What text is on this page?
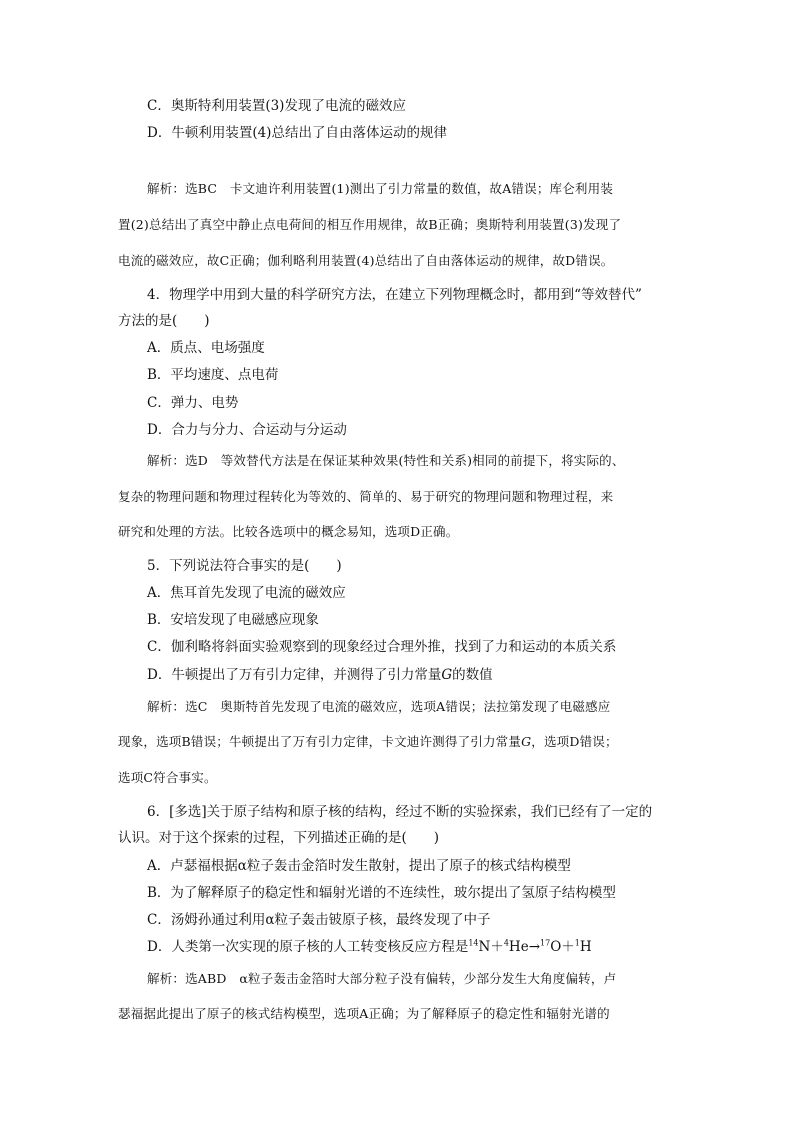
C．奥斯特利用装置(3)发现了电流的磁效应
D．牛顿利用装置(4)总结出了自由落体运动的规律
解析：选BC　卡文迪许利用装置(1)测出了引力常量的数值，故A错误；库仑利用装
置(2)总结出了真空中静止点电荷间的相互作用规律，故B正确；奥斯特利用装置(3)发现了
电流的磁效应，故C正确；伽利略利用装置(4)总结出了自由落体运动的规律，故D错误。
4．物理学中用到大量的科学研究方法，在建立下列物理概念时，都用到“等效替代”
方法的是(　　)
A．质点、电场强度
B．平均速度、点电荷
C．弹力、电势
D．合力与分力、合运动与分运动
解析：选D　等效替代方法是在保证某种效果(特性和关系)相同的前提下，将实际的、
复杂的物理问题和物理过程转化为等效的、简单的、易于研究的物理问题和物理过程，来
研究和处理的方法。比较各选项中的概念易知，选项D正确。
5．下列说法符合事实的是(　　)
A．焦耳首先发现了电流的磁效应
B．安培发现了电磁感应现象
C．伽利略将斜面实验观察到的现象经过合理外推，找到了力和运动的本质关系
D．牛顿提出了万有引力定律，并测得了引力常量G的数值
解析：选C　奥斯特首先发现了电流的磁效应，选项A错误；法拉第发现了电磁感应
现象，选项B错误；牛顿提出了万有引力定律，卡文迪许测得了引力常量G，选项D错误；
选项C符合事实。
6．[多选]关于原子结构和原子核的结构，经过不断的实验探索，我们已经有了一定的
认识。对于这个探索的过程，下列描述正确的是(　　)
A．卢瑟福根据α粒子轰击金箔时发生散射，提出了原子的核式结构模型
B．为了解释原子的稳定性和辐射光谱的不连续性，玻尔提出了氢原子结构模型
C．汤姆孙通过利用α粒子轰击铍原子核，最终发现了中子
D．人类第一次实现的原子核的人工转变核反应方程是$^{14}$N＋$^4$He→$^{17}$O＋$^1$H
解析：选ABD　α粒子轰击金箔时大部分粒子没有偏转，少部分发生大角度偏转，卢
瑟福据此提出了原子的核式结构模型，选项A正确；为了解释原子的稳定性和辐射光谱的
